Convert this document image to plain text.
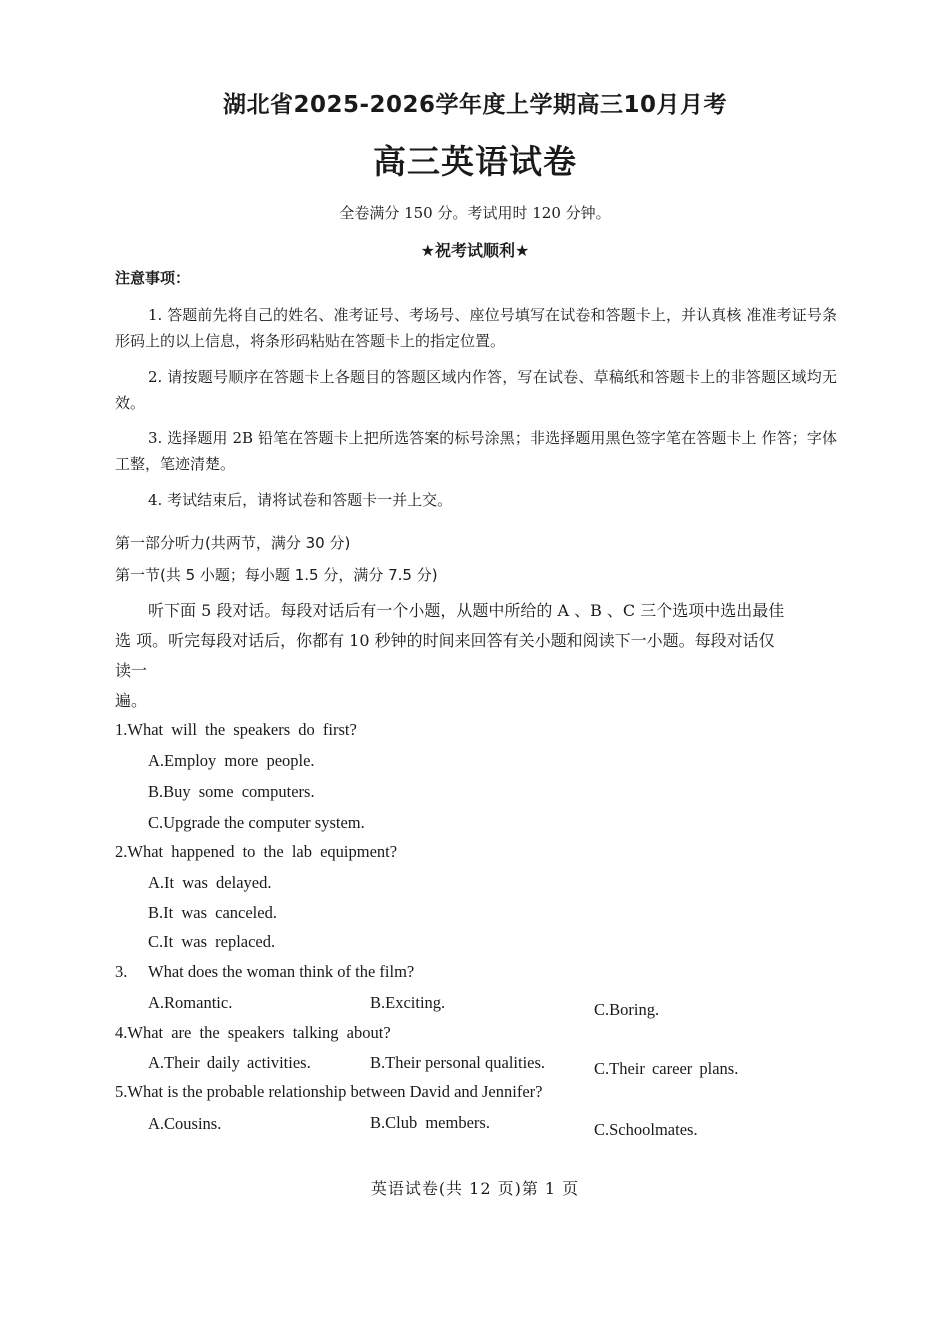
湖北省2025-2026学年度上学期高三10月月考
高三英语试卷
全卷满分 150 分。考试用时 120 分钟。
★祝考试顺利★
注意事项：
1. 答题前先将自己的姓名、准考证号、考场号、座位号填写在试卷和答题卡上，并认真核 准准考证号条形码上的以上信息，将条形码粘贴在答题卡上的指定位置。
2. 请按题号顺序在答题卡上各题目的答题区域内作答，写在试卷、草稿纸和答题卡上的非答题区域均无效。
3. 选择题用 2B 铅笔在答题卡上把所选答案的标号涂黑；非选择题用黑色签字笔在答题卡上 作答；字体工整，笔迹清楚。
4. 考试结束后，请将试卷和答题卡一并上交。
第一部分听力(共两节，满分 30 分)
第一节(共 5 小题；每小题 1.5 分，满分 7.5 分)
听下面 5 段对话。每段对话后有一个小题，从题中所给的 A 、B 、C 三个选项中选出最佳
选 项。听完每段对话后，你都有 10 秒钟的时间来回答有关小题和阅读下一小题。每段对话仅
读一
遍。
1.What will the speakers do first?
A.Employ more people.
B.Buy some computers.
C.Upgrade the computer system.
2.What happened to the lab equipment?
A.It was delayed.
B.It was canceled.
C.It was replaced.
3. What does the woman think of the film?
A.Romantic.	B.Exciting.	C.Boring.
4.What are the speakers talking about?
A.Their daily activities.	B.Their personal qualities.	C.Their career plans.
5.What is the probable relationship between David and Jennifer?
A.Cousins.	B.Club members.	C.Schoolmates.
英语试卷(共 12 页)第 1 页
